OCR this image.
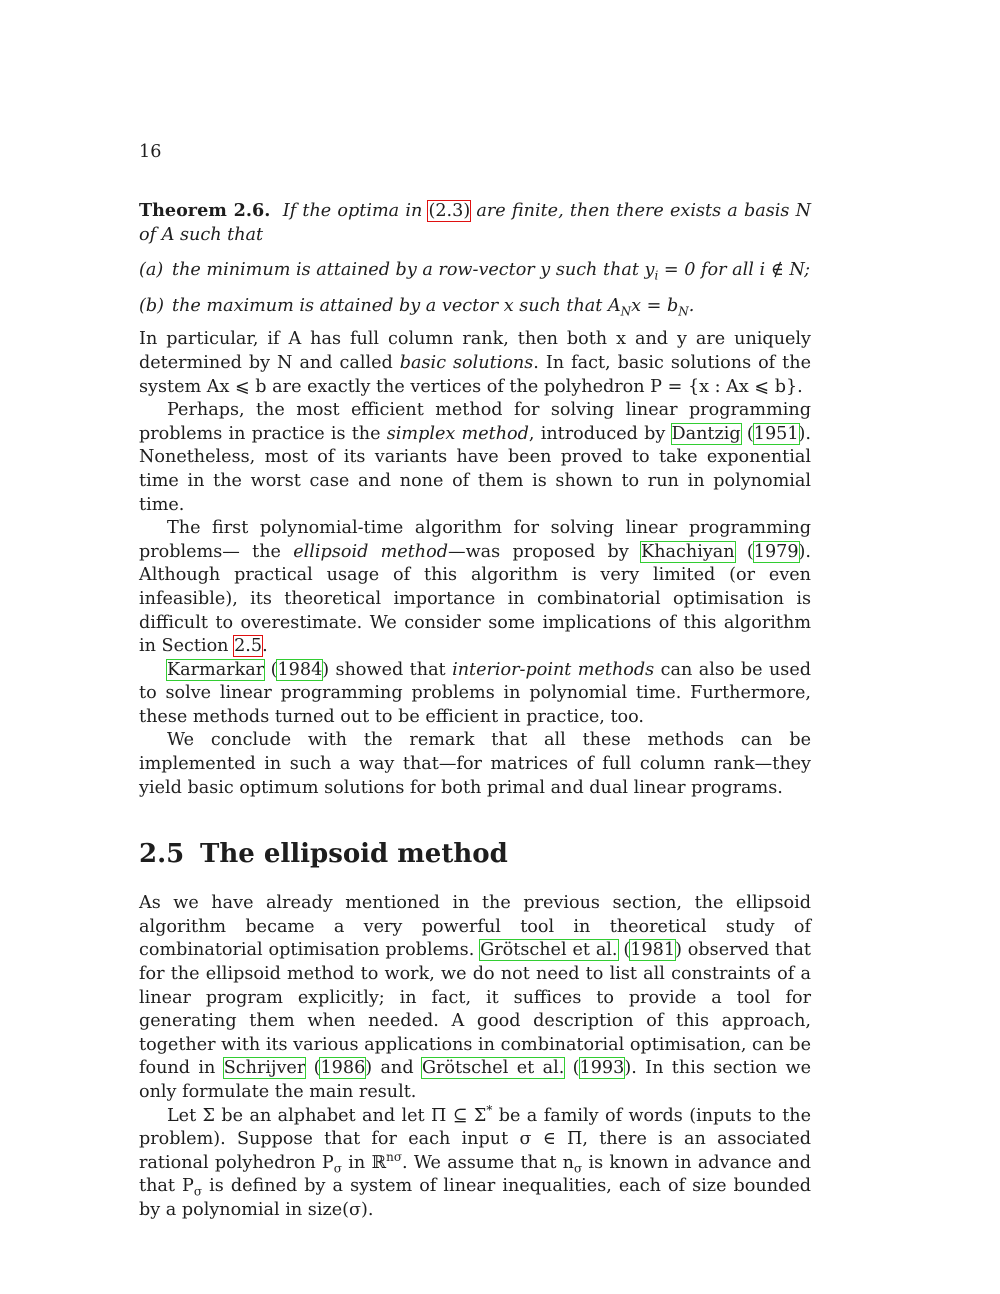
16

Theorem 2.6. If the optima in (2.3) are finite, then there exists a basis N of A such that

(a) the minimum is attained by a row-vector y such that $y_i = 0$ for all i ∉ N;
(b) the maximum is attained by a vector x such that $A_Nx = b_N$.

In particular, if A has full column rank, then both x and y are uniquely determined by N and called basic solutions. In fact, basic solutions of the system Ax ⩽ b are exactly the vertices of the polyhedron P = {x : Ax ⩽ b}.

Perhaps, the most efficient method for solving linear programming problems in practice is the simplex method, introduced by Dantzig (1951). Nonetheless, most of its variants have been proved to take exponential time in the worst case and none of them is shown to run in polynomial time.

The first polynomial-time algorithm for solving linear programming problems— the ellipsoid method—was proposed by Khachiyan (1979). Although practical usage of this algorithm is very limited (or even infeasible), its theoretical importance in combinatorial optimisation is difficult to overestimate. We consider some implications of this algorithm in Section 2.5.

Karmarkar (1984) showed that interior-point methods can also be used to solve linear programming problems in polynomial time. Furthermore, these methods turned out to be efficient in practice, too.

We conclude with the remark that all these methods can be implemented in such a way that—for matrices of full column rank—they yield basic optimum solutions for both primal and dual linear programs.

2.5 The ellipsoid method

As we have already mentioned in the previous section, the ellipsoid algorithm became a very powerful tool in theoretical study of combinatorial optimisation problems. Grötschel et al. (1981) observed that for the ellipsoid method to work, we do not need to list all constraints of a linear program explicitly; in fact, it suffices to provide a tool for generating them when needed. A good description of this approach, together with its various applications in combinatorial optimisation, can be found in Schrijver (1986) and Grötschel et al. (1993). In this section we only formulate the main result.

Let Σ be an alphabet and let Π ⊆ Σ* be a family of words (inputs to the problem). Suppose that for each input σ ∈ Π, there is an associated rational polyhedron $P_\sigma$ in ℝ$^{n\sigma}$. We assume that $n_\sigma$ is known in advance and that $P_\sigma$ is defined by a system of linear inequalities, each of size bounded by a polynomial in size(σ).
